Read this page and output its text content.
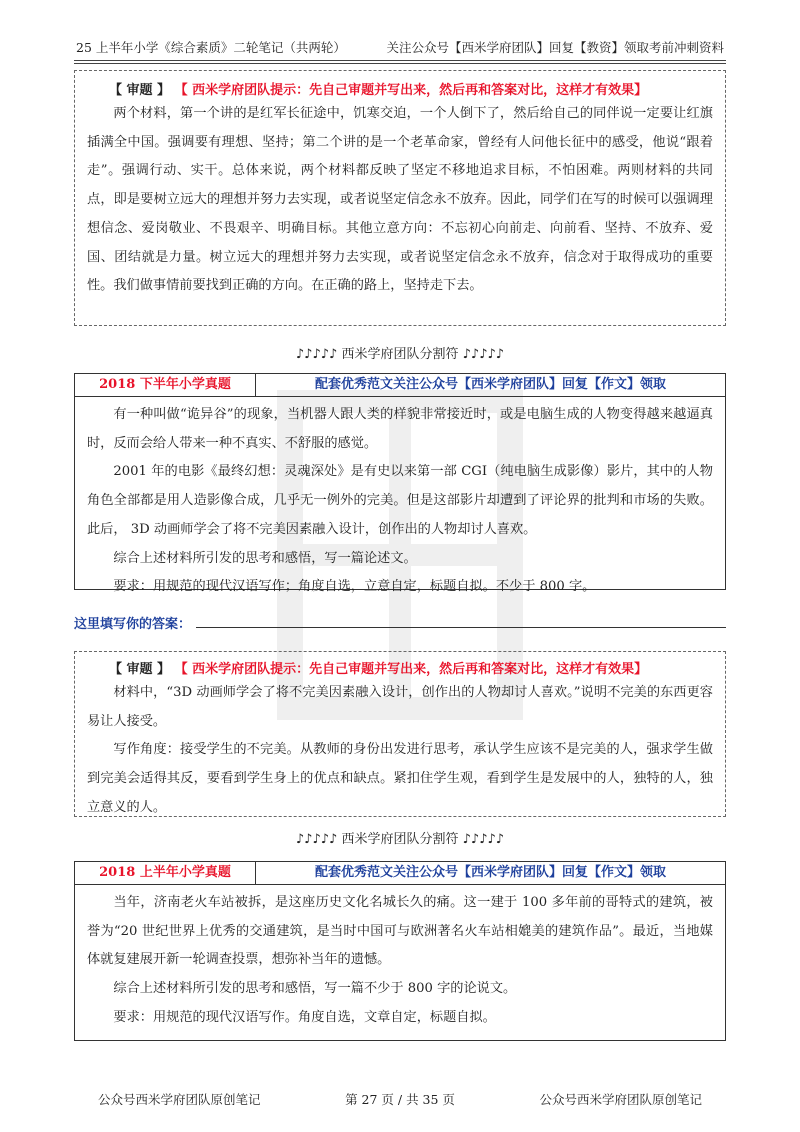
25 上半年小学《综合素质》二轮笔记（共两轮）	关注公众号【西米学府团队】回复【教资】领取考前冲刺资料
【 审题 】 【 西米学府团队提示：先自己审题并写出来，然后再和答案对比，这样才有效果】

两个材料，第一个讲的是红军长征途中，饥寒交迫，一个人倒下了，然后给自己的同伴说一定要让红旗插满全中国。强调要有理想、坚持；第二个讲的是一个老革命家，曾经有人问他长征中的感受，他说“跟着走”。强调行动、实干。总体来说，两个材料都反映了坚定不移地追求目标，不怕困难。两则材料的共同点，即是要树立远大的理想并努力去实现，或者说坚定信念永不放弃。因此，同学们在写的时候可以强调理想信念、爱岗敬业、不畏艰辛、明确目标。其他立意方向：不忘初心向前走、向前看、坚持、不放弃、爱国、团结就是力量。树立远大的理想并努力去实现，或者说坚定信念永不放弃，信念对于取得成功的重要性。我们做事情前要找到正确的方向。在正确的路上，坚持走下去。

♪♪♪♪♪ 西米学府团队分割符 ♪♪♪♪♪
2018 下半年小学真题	配套优秀范文关注公众号【西米学府团队】回复【作文】领取

有一种叫做“诡异谷”的现象，当机器人跟人类的样貌非常接近时，或是电脑生成的人物变得越来越逼真时，反而会给人带来一种不真实、不舒服的感觉。

2001 年的电影《最终幻想：灵魂深处》是有史以来第一部 CGI（纯电脑生成影像）影片，其中的人物角色全部都是用人造影像合成，几乎无一例外的完美。但是这部影片却遭到了评论界的批判和市场的失败。此后， 3D 动画师学会了将不完美因素融入设计，创作出的人物却讨人喜欢。

综合上述材料所引发的思考和感悟，写一篇论述文。

要求：用规范的现代汉语写作；角度自选，立意自定，标题自拟。不少于 800 字。

这里填写你的答案：
【 审题 】 【 西米学府团队提示：先自己审题并写出来，然后再和答案对比，这样才有效果】

材料中，“3D 动画师学会了将不完美因素融入设计，创作出的人物却讨人喜欢。”说明不完美的东西更容易让人接受。

写作角度：接受学生的不完美。从教师的身份出发进行思考，承认学生应该不是完美的人，强求学生做到完美会适得其反，要看到学生身上的优点和缺点。紧扣住学生观，看到学生是发展中的人，独特的人，独立意义的人。

♪♪♪♪♪ 西米学府团队分割符 ♪♪♪♪♪
2018 上半年小学真题	配套优秀范文关注公众号【西米学府团队】回复【作文】领取

当年，济南老火车站被拆，是这座历史文化名城长久的痛。这一建于 100 多年前的哥特式的建筑，被誉为“20 世纪世界上优秀的交通建筑，是当时中国可与欧洲著名火车站相媲美的建筑作品”。最近，当地媒体就复建展开新一轮调查投票，想弥补当年的遗憾。

综合上述材料所引发的思考和感悟，写一篇不少于 800 字的论说文。

要求：用规范的现代汉语写作。角度自选，文章自定，标题自拟。

第 27 页 / 共 35 页
公众号西米学府团队原创笔记	公众号西米学府团队原创笔记
